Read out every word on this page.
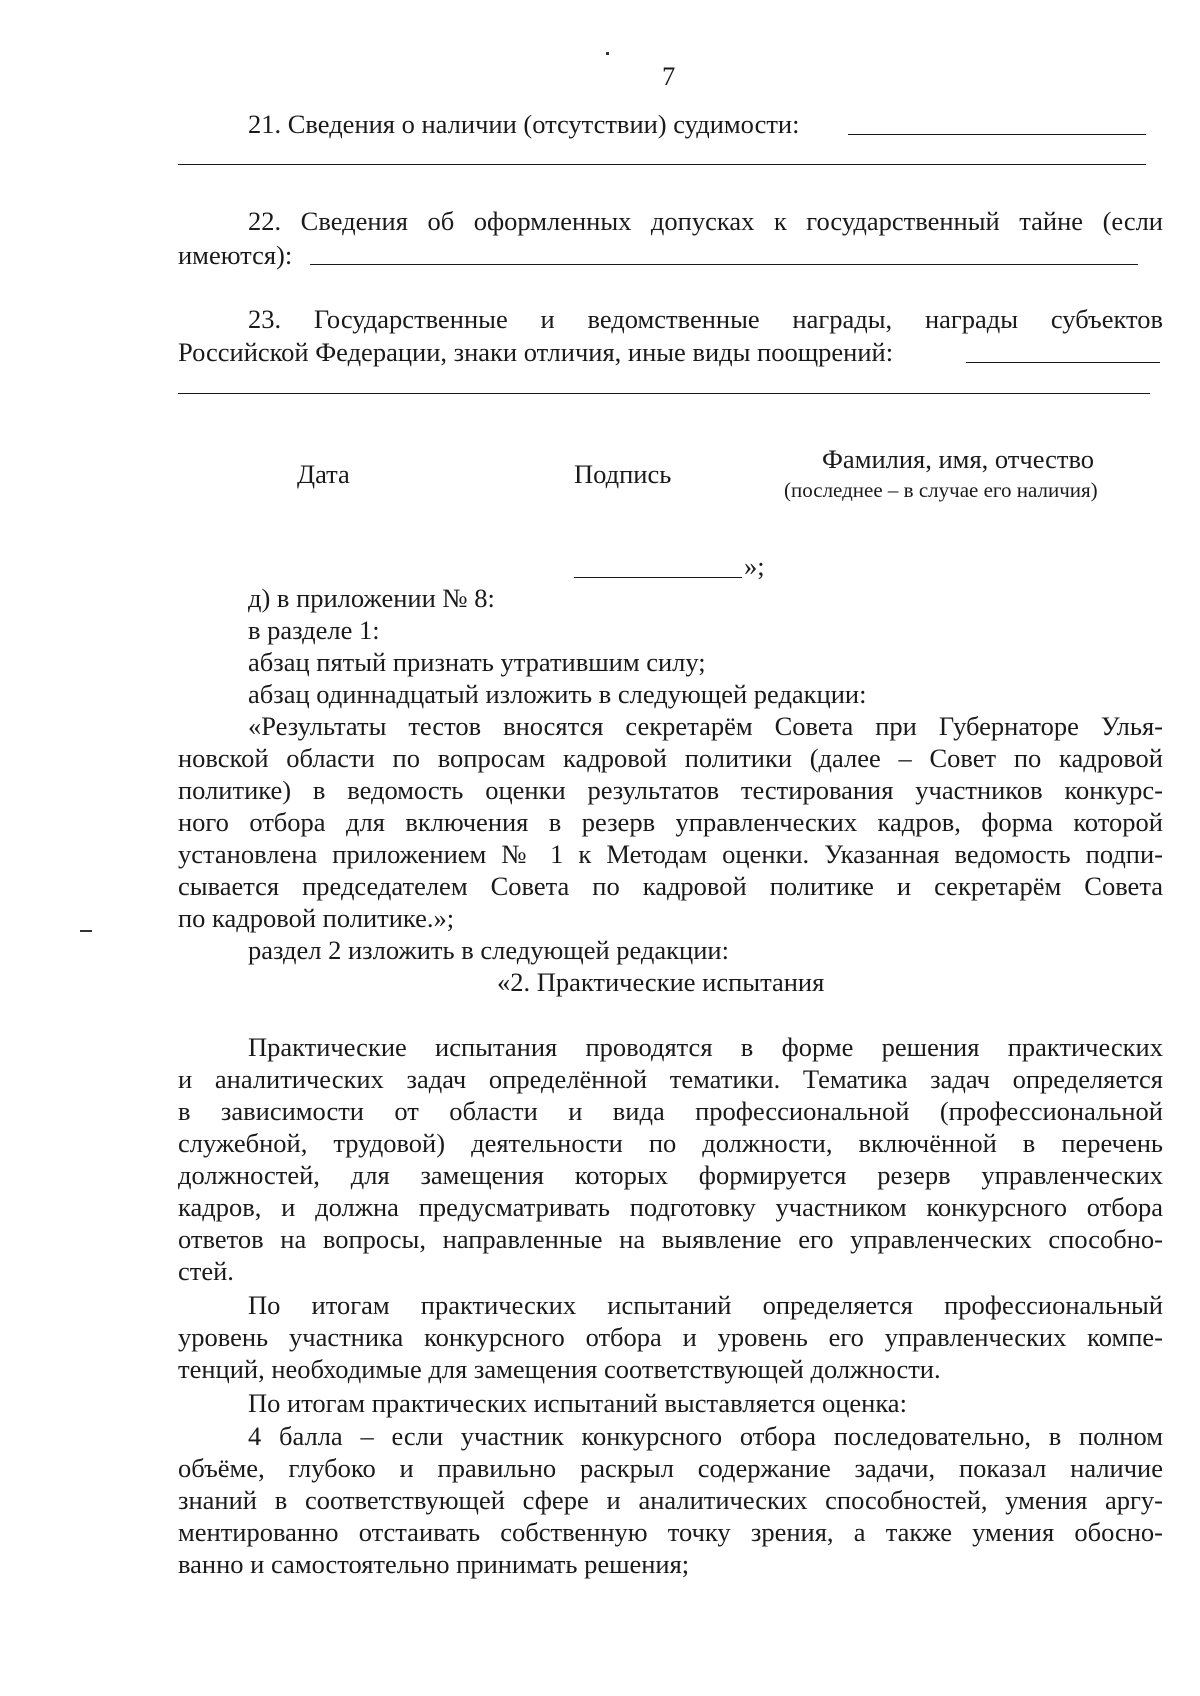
7
21. Сведения о наличии (отсутствии) судимости:
22. Сведения об оформленных допусках к государственный тайне (если
имеются):
23. Государственные и ведомственные награды, награды субъектов
Российской Федерации, знаки отличия, иные виды поощрений:
Дата	Подпись	Фамилия, имя, отчество
(последнее – в случае его наличия)
»;
д) в приложении № 8:
в разделе 1:
абзац пятый признать утратившим силу;
абзац одиннадцатый изложить в следующей редакции:
«Результаты тестов вносятся секретарём Совета при Губернаторе Улья-
новской области по вопросам кадровой политики (далее – Совет по кадровой
политике) в ведомость оценки результатов тестирования участников конкурс-
ного отбора для включения в резерв управленческих кадров, форма которой
установлена приложением № 1 к Методам оценки. Указанная ведомость подпи-
сывается председателем Совета по кадровой политике и секретарём Совета
по кадровой политике.»;
раздел 2 изложить в следующей редакции:
«2. Практические испытания
Практические испытания проводятся в форме решения практических
и аналитических задач определённой тематики. Тематика задач определяется
в зависимости от области и вида профессиональной (профессиональной
служебной, трудовой) деятельности по должности, включённой в перечень
должностей, для замещения которых формируется резерв управленческих
кадров, и должна предусматривать подготовку участником конкурсного отбора
ответов на вопросы, направленные на выявление его управленческих способно-
стей.
По итогам практических испытаний определяется профессиональный
уровень участника конкурсного отбора и уровень его управленческих компе-
тенций, необходимые для замещения соответствующей должности.
По итогам практических испытаний выставляется оценка:
4 балла – если участник конкурсного отбора последовательно, в полном
объёме, глубоко и правильно раскрыл содержание задачи, показал наличие
знаний в соответствующей сфере и аналитических способностей, умения аргу-
ментированно отстаивать собственную точку зрения, а также умения обосно-
ванно и самостоятельно принимать решения;
